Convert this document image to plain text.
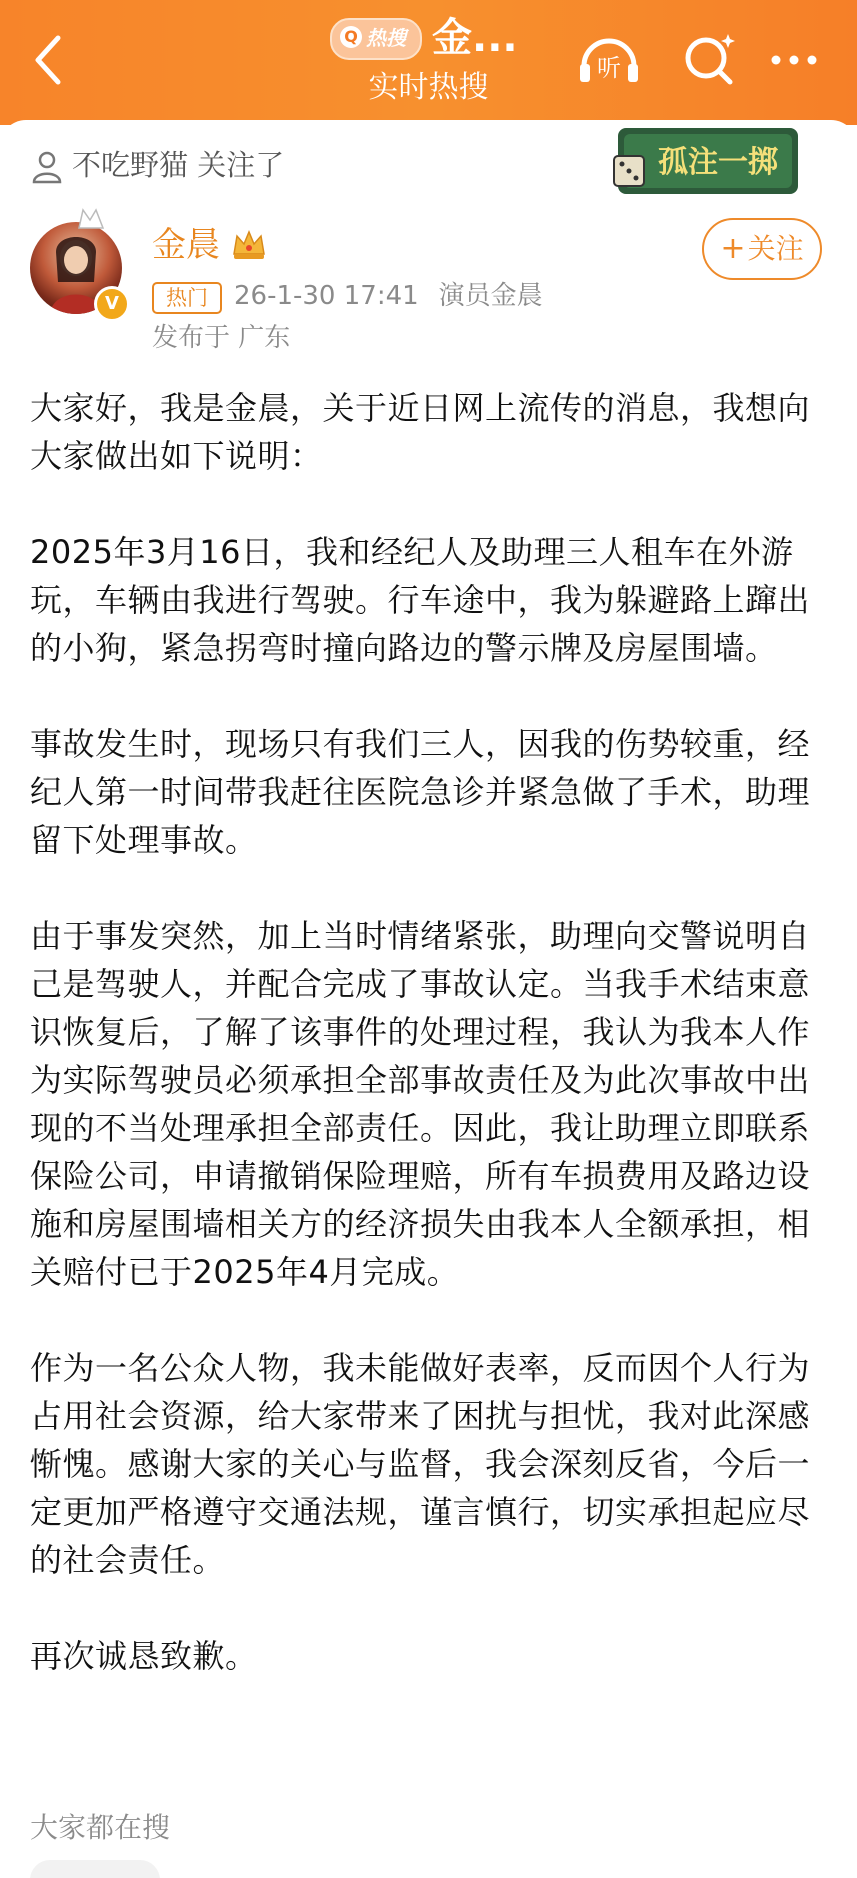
Q 热搜 金...
实时热搜
听
不吃野猫 关注了	孤注一掷
V
金晨
热门	26-1-30 17:41 演员金晨
发布于 广东
+关注

大家好，我是金晨，关于近日网上流传的消息，我想向大家做出如下说明：

2025年3月16日，我和经纪人及助理三人租车在外游玩，车辆由我进行驾驶。行车途中，我为躲避路上蹿出的小狗，紧急拐弯时撞向路边的警示牌及房屋围墙。

事故发生时，现场只有我们三人，因我的伤势较重，经纪人第一时间带我赶往医院急诊并紧急做了手术，助理留下处理事故。

由于事发突然，加上当时情绪紧张，助理向交警说明自己是驾驶人，并配合完成了事故认定。当我手术结束意识恢复后，了解了该事件的处理过程，我认为我本人作为实际驾驶员必须承担全部事故责任及为此次事故中出现的不当处理承担全部责任。因此，我让助理立即联系保险公司，申请撤销保险理赔，所有车损费用及路边设施和房屋围墙相关方的经济损失由我本人全额承担，相关赔付已于2025年4月完成。

作为一名公众人物，我未能做好表率，反而因个人行为占用社会资源，给大家带来了困扰与担忧，我对此深感惭愧。感谢大家的关心与监督，我会深刻反省，今后一定更加严格遵守交通法规，谨言慎行，切实承担起应尽的社会责任。

再次诚恳致歉。

大家都在搜
